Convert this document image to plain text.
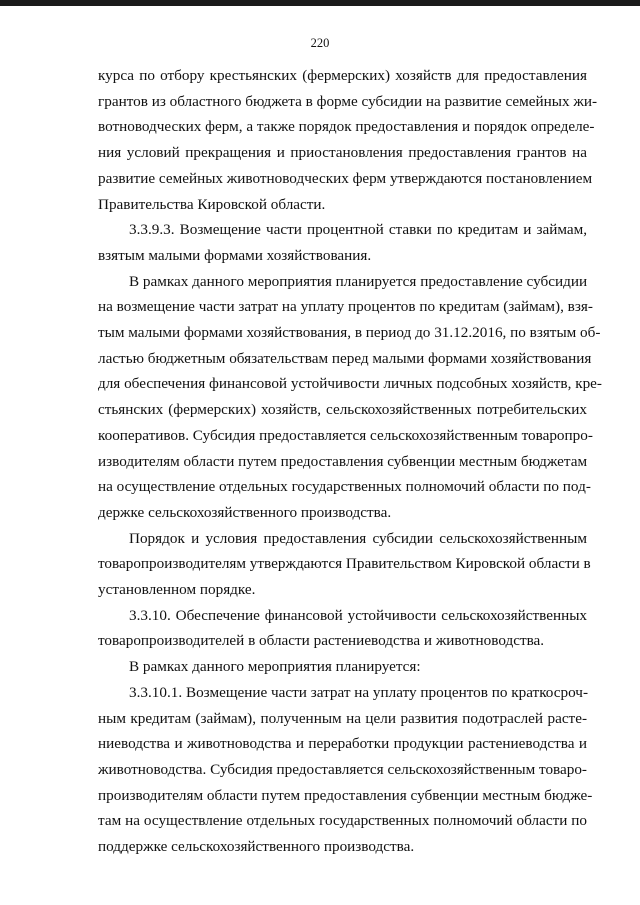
220

курса по отбору крестьянских (фермерских) хозяйств для предоставления
грантов из областного бюджета в форме субсидии на развитие семейных жи-
вотноводческих ферм, а также порядок предоставления и порядок определе-
ния условий прекращения и приостановления предоставления грантов на
развитие семейных животноводческих ферм утверждаются постановлением
Правительства Кировской области.

3.3.9.3. Возмещение части процентной ставки по кредитам и займам,
взятым малыми формами хозяйствования.

В рамках данного мероприятия планируется предоставление субсидии
на возмещение части затрат на уплату процентов по кредитам (займам), взя-
тым малыми формами хозяйствования, в период до 31.12.2016, по взятым об-
ластью бюджетным обязательствам перед малыми формами хозяйствования
для обеспечения финансовой устойчивости личных подсобных хозяйств, кре-
стьянских (фермерских) хозяйств, сельскохозяйственных потребительских
кооперативов. Субсидия предоставляется сельскохозяйственным товаропро-
изводителям области путем предоставления субвенции местным бюджетам
на осуществление отдельных государственных полномочий области по под-
держке сельскохозяйственного производства.

Порядок и условия предоставления субсидии сельскохозяйственным
товаропроизводителям утверждаются Правительством Кировской области в
установленном порядке.

3.3.10. Обеспечение финансовой устойчивости сельскохозяйственных
товаропроизводителей в области растениеводства и животноводства.

В рамках данного мероприятия планируется:

3.3.10.1. Возмещение части затрат на уплату процентов по краткосроч-
ным кредитам (займам), полученным на цели развития подотраслей расте-
ниеводства и животноводства и переработки продукции растениеводства и
животноводства. Субсидия предоставляется сельскохозяйственным товаро-
производителям области путем предоставления субвенции местным бюдже-
там на осуществление отдельных государственных полномочий области по
поддержке сельскохозяйственного производства.
